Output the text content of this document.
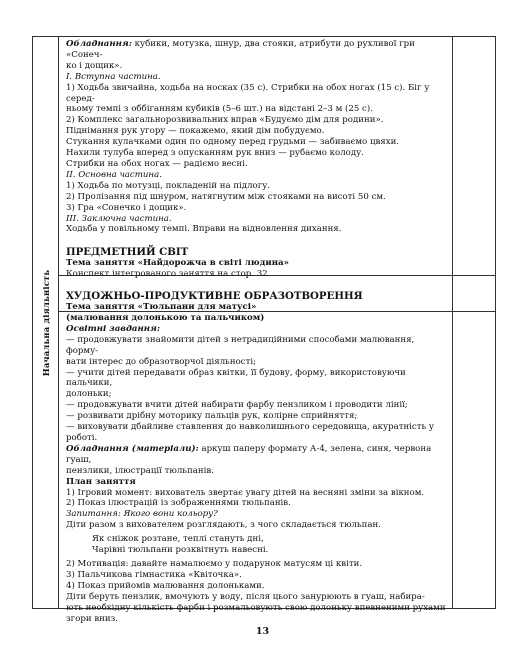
Начальна діяльність

Обладнання: кубики, мотузка, шнур, два стояки, атрибути до рухливої гри «Сонеч-

ко і дощик».

І. Вступна частина.

1) Ходьба звичайна, ходьба на носках (35 с). Стрибки на обох ногах (15 с). Біг у серед-

ньому темпі з оббіганням кубиків (5–6 шт.) на відстані 2–3 м (25 с).

2) Комплекс загальнорозвивальних вправ «Будуємо дім для родини».

Піднімання рук угору — покажемо, який дім побудуємо.

Стукання кулачками один по одному перед грудьми — забиваємо цвяхи.

Нахили тулуба вперед з опусканням рук вниз — рубаємо колоду.

Стрибки на обох ногах — радіємо весні.

ІІ. Основна частина.

1) Ходьба по мотузці, покладеній на підлогу.

2) Пролізання під шнуром, натягнутим між стояками на висоті 50 см.

3) Гра «Сонечко і дощик».

ІІІ. Заключна частина.

Ходьба у повільному темпі. Вправи на відновлення дихання.

ПРЕДМЕТНИЙ СВІТ

Тема заняття «Найдорожча в світі людина»

Конспект інтегрованого заняття на стор. 32

ХУДОЖНЬО-ПРОДУКТИВНЕ ОБРАЗОТВОРЕННЯ

Тема заняття «Тюльпани для матусі»

(малювання долонькою та пальчиком)

Освітні завдання:

— продовжувати знайомити дітей з нетрадиційними способами малювання, форму-

вати інтерес до образотворчої діяльності;

— учити дітей передавати образ квітки, її будову, форму, використовуючи пальчики,

долоньки;

— продовжувати вчити дітей набирати фарбу пензликом і проводити лінії;

— розвивати дрібну моторику пальців рук, колірне сприйняття;

— виховувати дбайливе ставлення до навколишнього середовища, акуратність у роботі.

Обладнання (матеріали): аркуш паперу формату А-4, зелена, синя, червона гуаш,

пензлики, ілюстрації тюльпанів.

План заняття

1) Ігровий момент: вихователь звертає увагу дітей на весняні зміни за вікном.

2) Показ ілюстрацій із зображеннями тюльпанів.

Запитання: Якого вони кольору?

Діти разом з вихователем розглядають, з чого складається тюльпан.

Як сніжок розтане, теплі стануть дні,

Чарівні тюльпани розквітнуть навесні.

2) Мотивація: давайте намалюємо у подарунок матусям ці квіти.

3) Пальчикова гімнастика «Квіточка».

4) Показ прийомів малювання долоньками.

Діти беруть пензлик, вмочують у воду, після цього занурюють в гуаш, набира-

ють необхідну кількість фарби і розмальовують свою долоньку впевненими рухами

згори вниз.

13
